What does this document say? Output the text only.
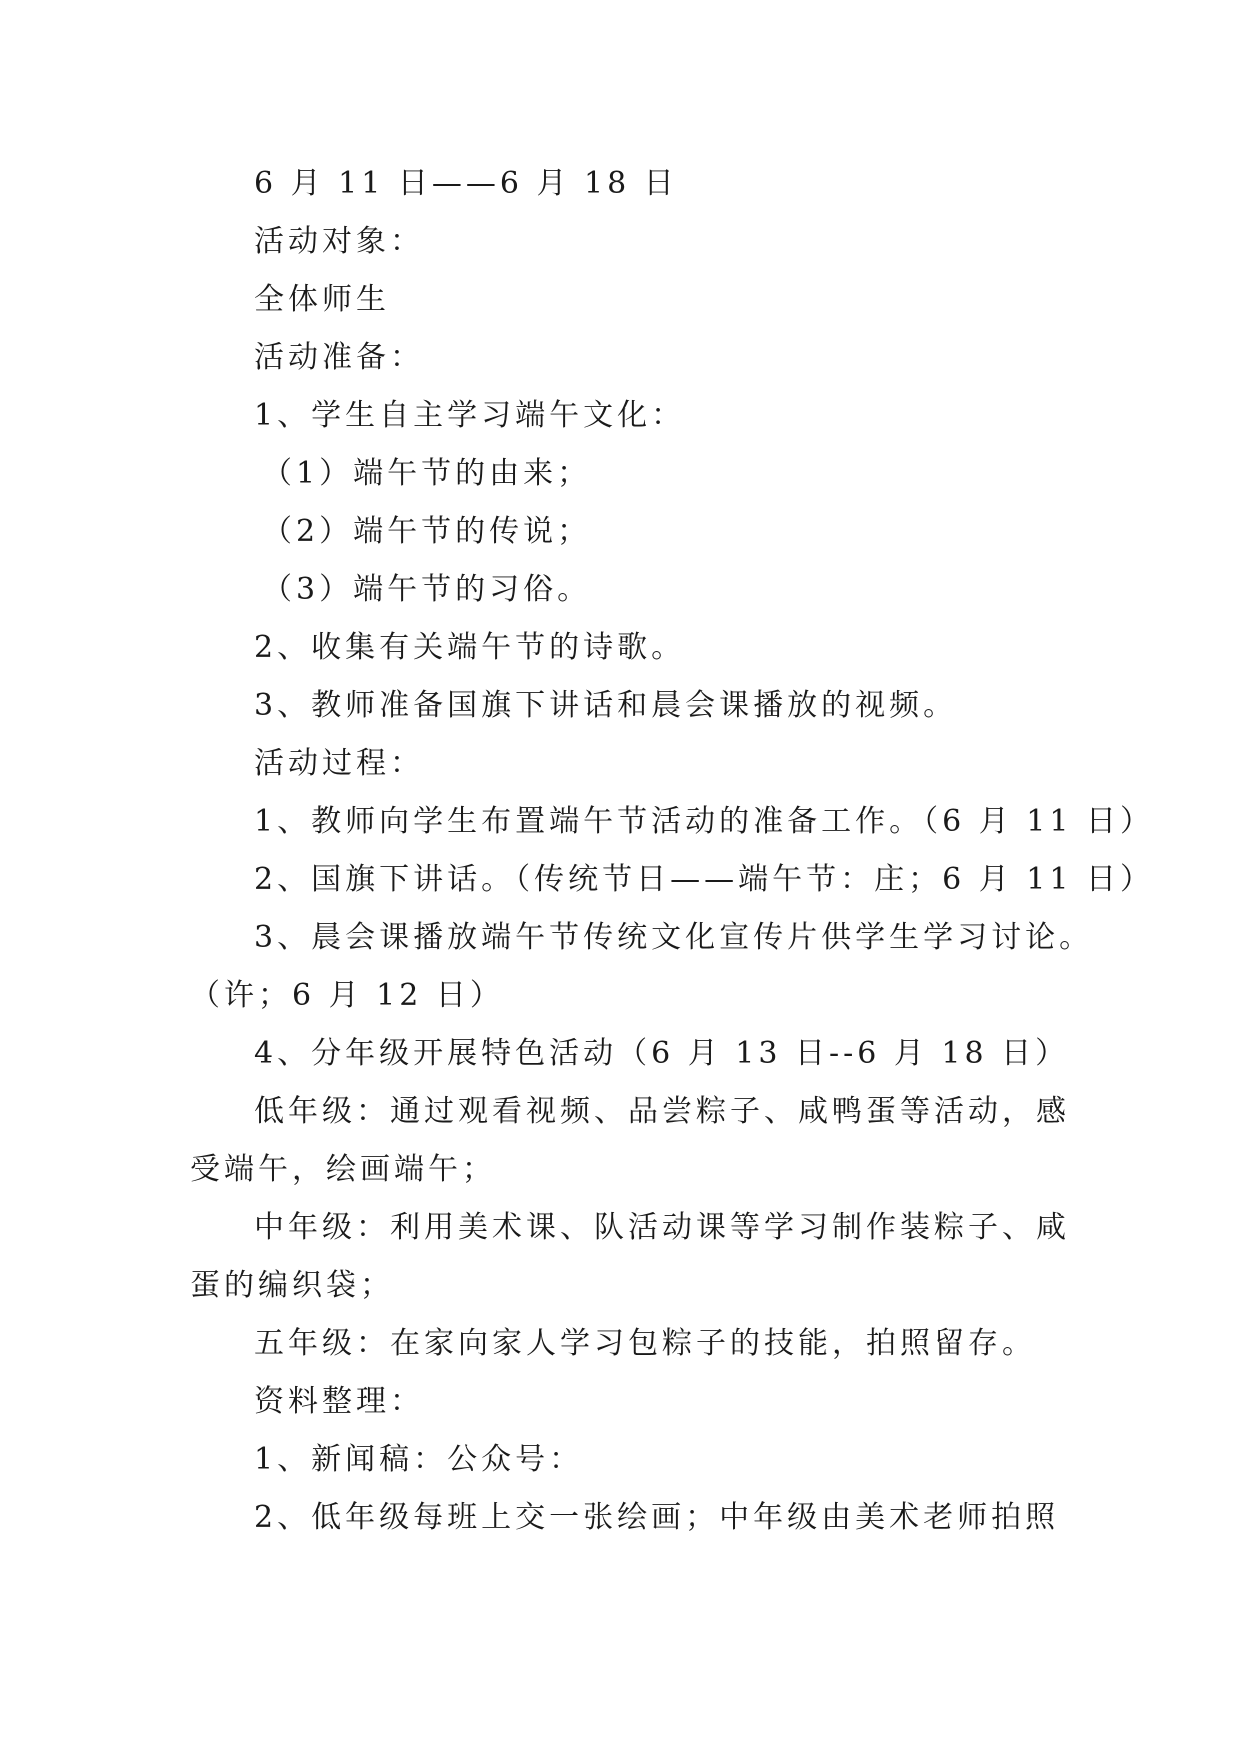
6 月 11 日——6 月 18 日
活动对象：
全体师生
活动准备：
1、学生自主学习端午文化：
（1）端午节的由来；
（2）端午节的传说；
（3）端午节的习俗。
2、收集有关端午节的诗歌。
3、教师准备国旗下讲话和晨会课播放的视频。
活动过程：
1、教师向学生布置端午节活动的准备工作。（6 月 11 日）
2、国旗下讲话。（传统节日——端午节：庄；6 月 11 日）
3、晨会课播放端午节传统文化宣传片供学生学习讨论。
（许；6 月 12 日）
4、分年级开展特色活动（6 月 13 日--6 月 18 日）
低年级：通过观看视频、品尝粽子、咸鸭蛋等活动，感
受端午，绘画端午；
中年级：利用美术课、队活动课等学习制作装粽子、咸
蛋的编织袋；
五年级：在家向家人学习包粽子的技能，拍照留存。
资料整理：
1、新闻稿：公众号：
2、低年级每班上交一张绘画；中年级由美术老师拍照
